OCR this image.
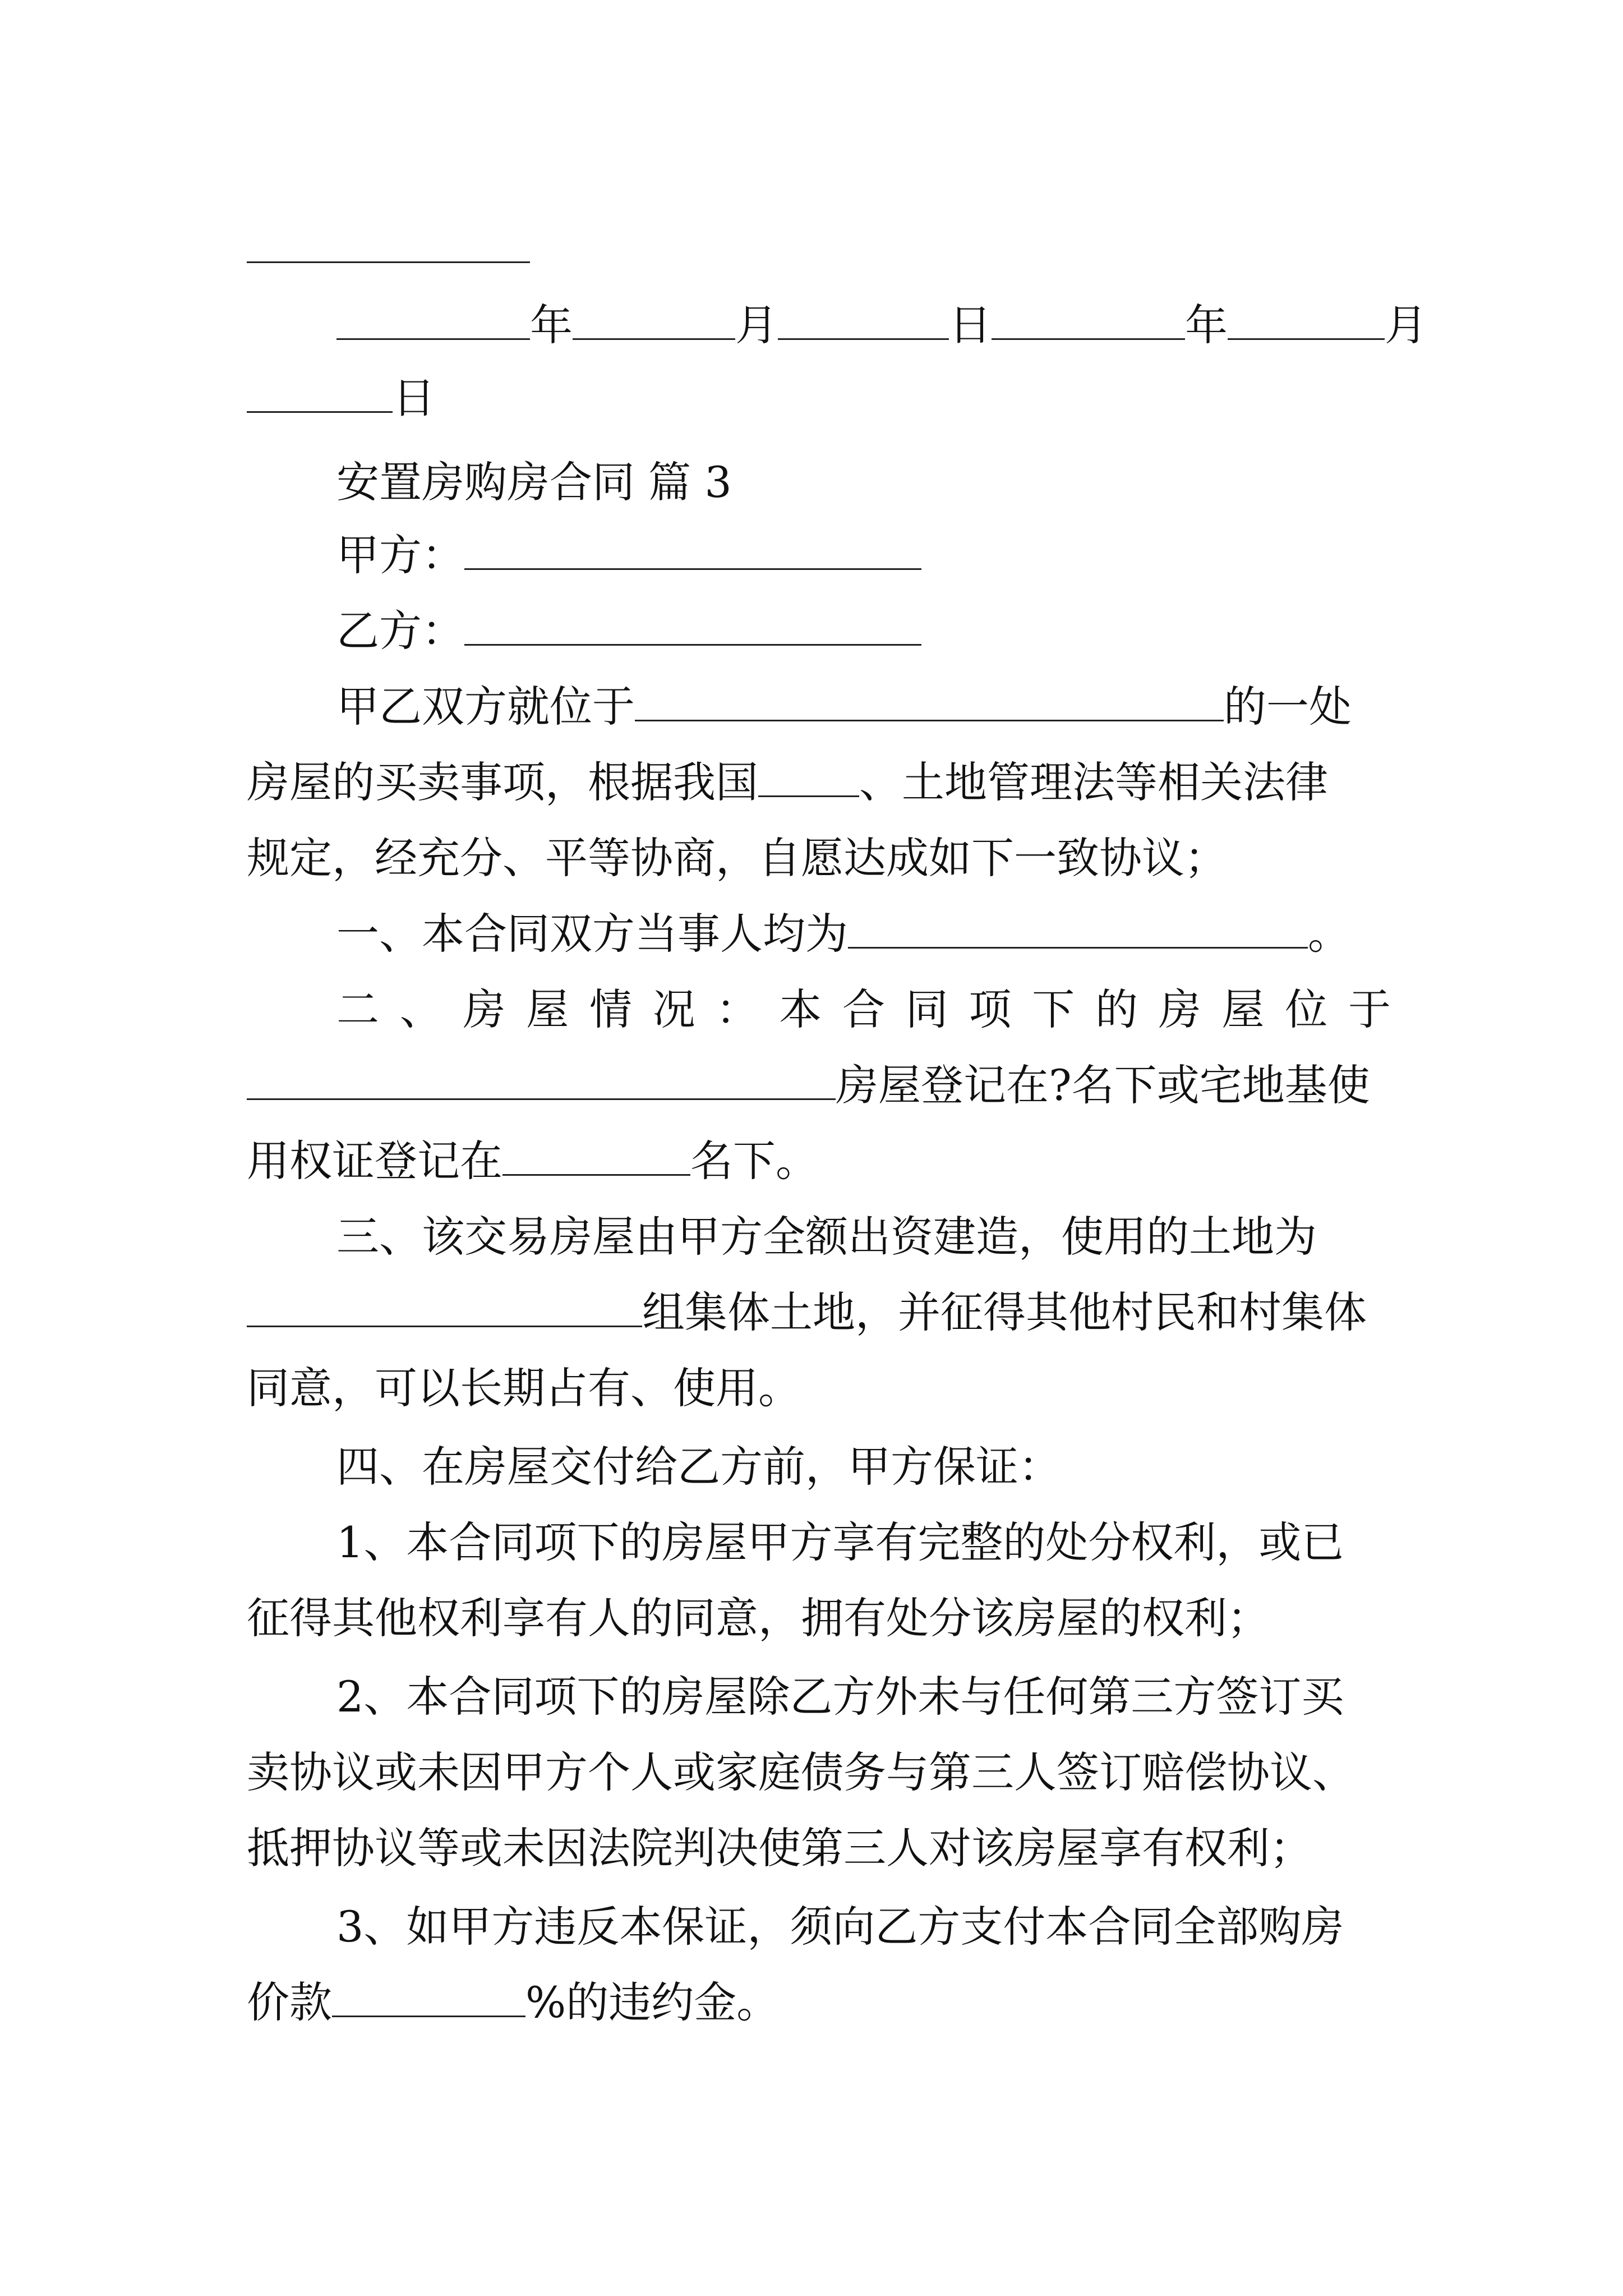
年	月	日	年	月
日
安置房购房合同 篇 3
甲方：
乙方：
甲乙双方就位于	的一处
房屋的买卖事项，根据我国 、土地管理法等相关法律
规定，经充分、平等协商，自愿达成如下一致协议；
一、本合同双方当事人均为	。
二、房屋情况：本合同项下的房屋位于
房屋登记在?名下或宅地基使
用权证登记在	名下。
三、该交易房屋由甲方全额出资建造，使用的土地为
组集体土地，并征得其他村民和村集体
同意，可以长期占有、使用。
四、在房屋交付给乙方前，甲方保证：
1、本合同项下的房屋甲方享有完整的处分权利，或已
征得其他权利享有人的同意，拥有处分该房屋的权利；
2、本合同项下的房屋除乙方外未与任何第三方签订买
卖协议或未因甲方个人或家庭债务与第三人签订赔偿协议、
抵押协议等或未因法院判决使第三人对该房屋享有权利；
3、如甲方违反本保证，须向乙方支付本合同全部购房
价款	%的违约金。
